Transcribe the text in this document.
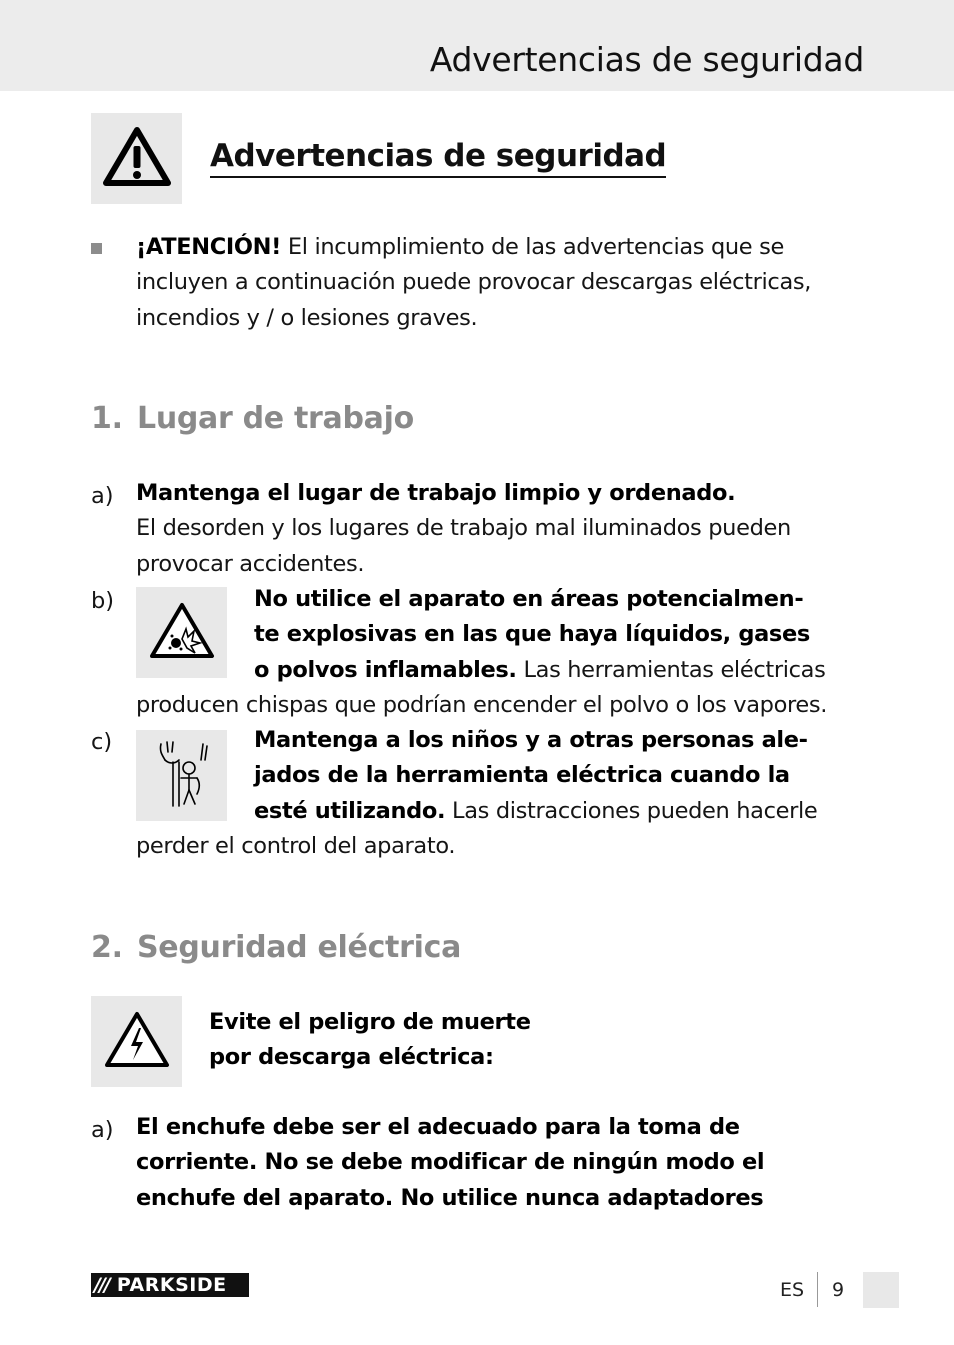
Advertencias de seguridad
Advertencias de seguridad
¡ATENCIÓN! El incumplimiento de las advertencias que se
incluyen a continuación puede provocar descargas eléctricas,
incendios y / o lesiones graves.
1. Lugar de trabajo
a) Mantenga el lugar de trabajo limpio y ordenado.
El desorden y los lugares de trabajo mal iluminados pueden
provocar accidentes.
b)	No utilice el aparato en áreas potencialmen-
te explosivas en las que haya líquidos, gases
o polvos inflamables. Las herramientas eléctricas
producen chispas que podrían encender el polvo o los vapores.
c)	Mantenga a los niños y a otras personas ale-
jados de la herramienta eléctrica cuando la
esté utilizando. Las distracciones pueden hacerle
perder el control del aparato.
2. Seguridad eléctrica
Evite el peligro de muerte
por descarga eléctrica:
a) El enchufe debe ser el adecuado para la toma de
corriente. No se debe modificar de ningún modo el
enchufe del aparato. No utilice nunca adaptadores
/// PARKSIDE	ES 9
